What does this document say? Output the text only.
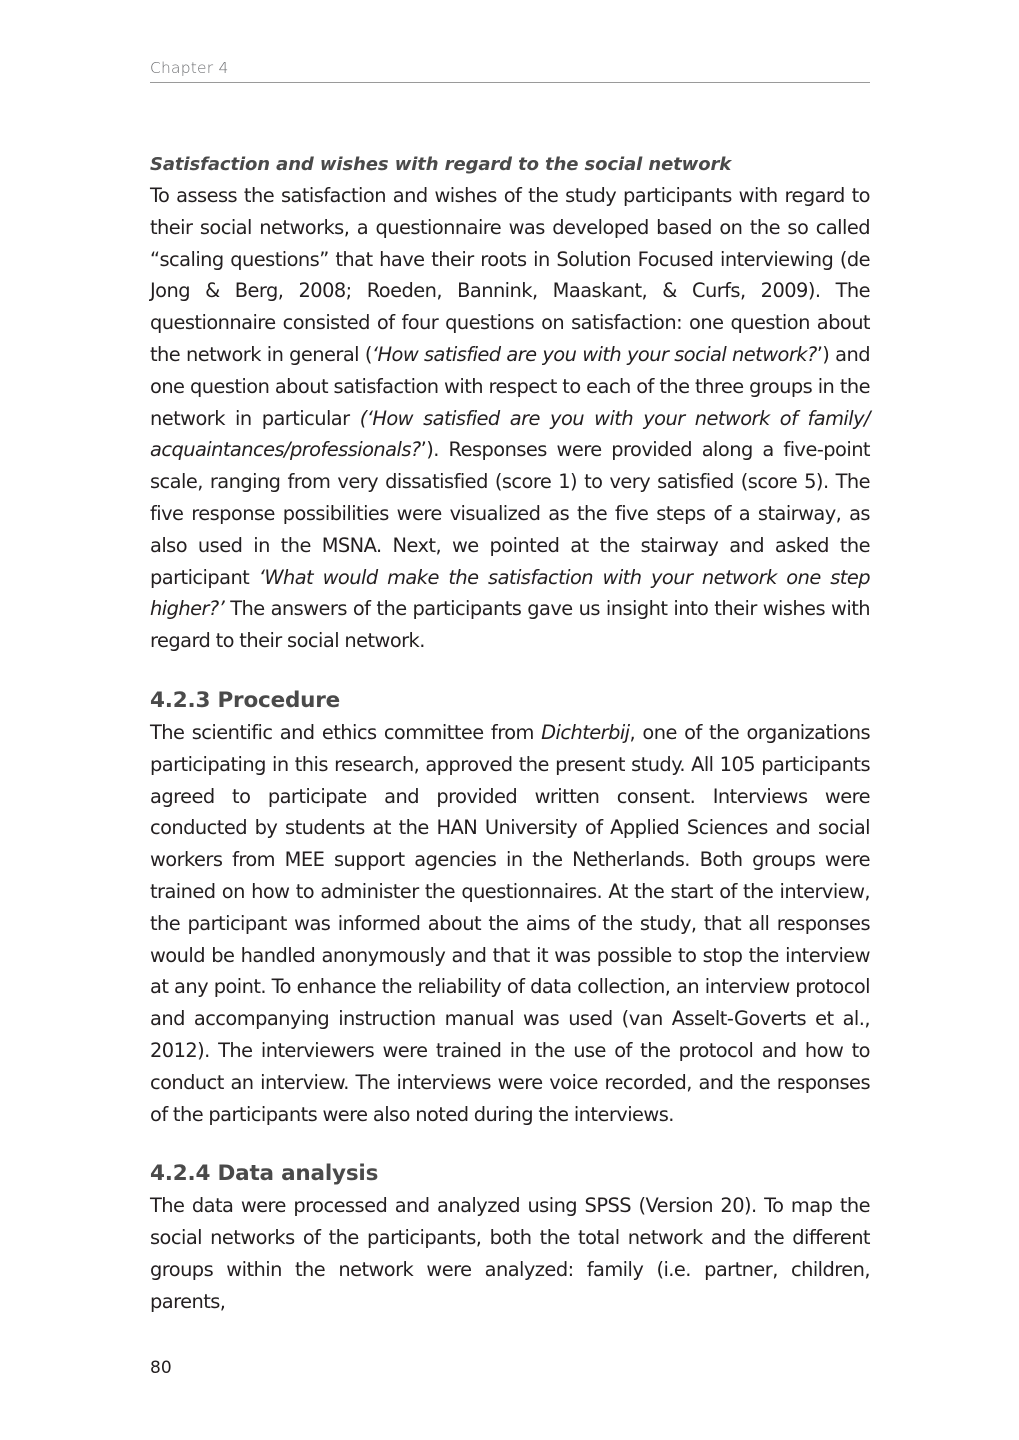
Chapter 4

Satisfaction and wishes with regard to the social network

To assess the satisfaction and wishes of the study participants with regard to their social networks, a questionnaire was developed based on the so called “scaling questions” that have their roots in Solution Focused interviewing (de Jong & Berg, 2008; Roeden, Bannink, Maaskant, & Curfs, 2009). The questionnaire consisted of four questions on satisfaction: one question about the network in general (‘How satisfied are you with your social network?’) and one question about satisfaction with respect to each of the three groups in the network in particular (‘How satisfied are you with your network of family/ acquaintances/professionals?’). Responses were provided along a five-point scale, ranging from very dissatisfied (score 1) to very satisfied (score 5). The five response possibilities were visualized as the five steps of a stairway, as also used in the MSNA. Next, we pointed at the stairway and asked the participant ‘What would make the satisfaction with your network one step higher?’ The answers of the participants gave us insight into their wishes with regard to their social network.

4.2.3 Procedure

The scientific and ethics committee from Dichterbij, one of the organizations participating in this research, approved the present study. All 105 participants agreed to participate and provided written consent. Interviews were conducted by students at the HAN University of Applied Sciences and social workers from MEE support agencies in the Netherlands. Both groups were trained on how to administer the questionnaires. At the start of the interview, the participant was informed about the aims of the study, that all responses would be handled anonymously and that it was possible to stop the interview at any point. To enhance the reliability of data collection, an interview protocol and accompanying instruction manual was used (van Asselt-Goverts et al., 2012). The interviewers were trained in the use of the protocol and how to conduct an interview. The interviews were voice recorded, and the responses of the participants were also noted during the interviews.

4.2.4 Data analysis

The data were processed and analyzed using SPSS (Version 20). To map the social networks of the participants, both the total network and the different groups within the network were analyzed: family (i.e. partner, children, parents,

80
